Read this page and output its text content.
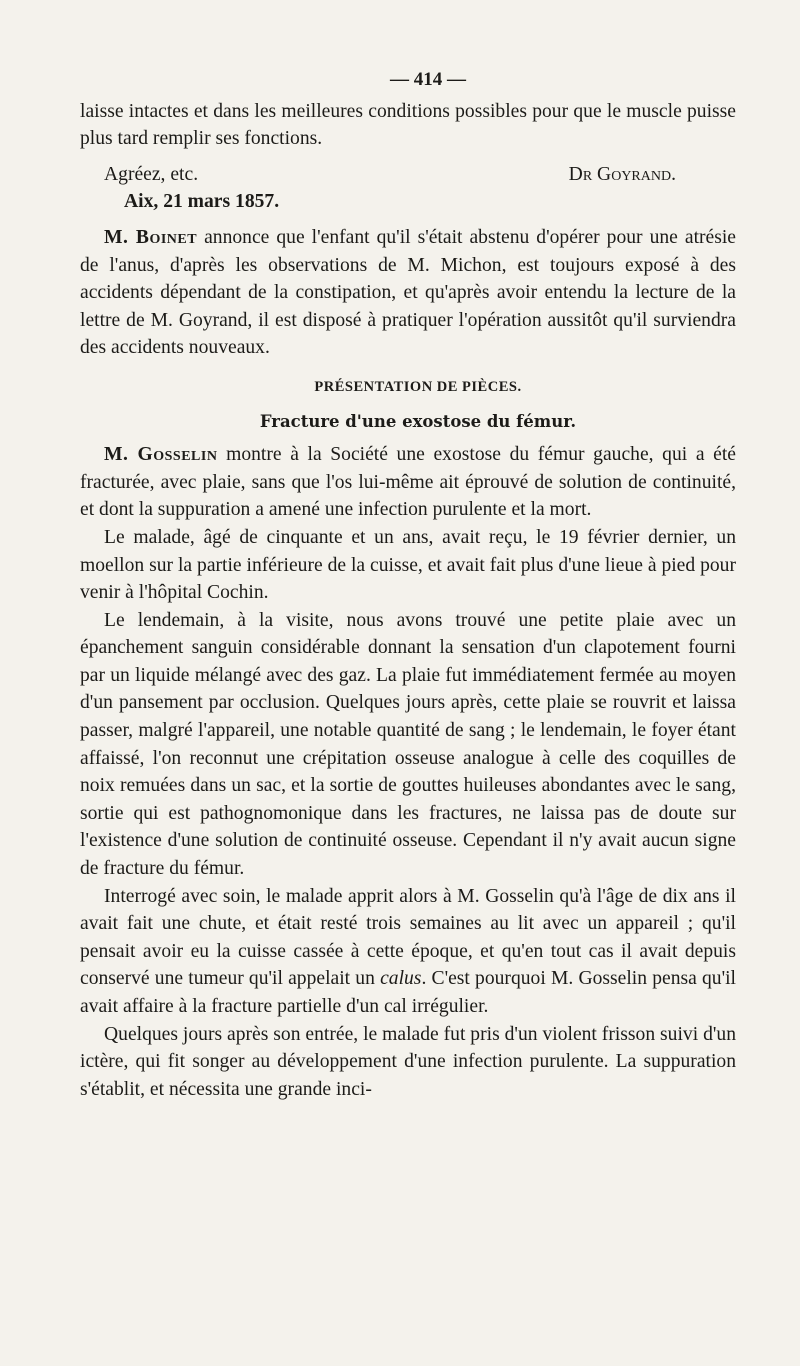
— 414 —

laisse intactes et dans les meilleures conditions possibles pour que le muscle puisse plus tard remplir ses fonctions.

Agréez, etc.	Dr Goyrand.
Aix, 21 mars 1857.

M. Boinet annonce que l'enfant qu'il s'était abstenu d'opérer pour une atrésie de l'anus, d'après les observations de M. Michon, est toujours exposé à des accidents dépendant de la constipation, et qu'après avoir entendu la lecture de la lettre de M. Goyrand, il est disposé à pratiquer l'opération aussitôt qu'il surviendra des accidents nouveaux.

PRÉSENTATION DE PIÈCES.
Fracture d'une exostose du fémur.

M. Gosselin montre à la Société une exostose du fémur gauche, qui a été fracturée, avec plaie, sans que l'os lui-même ait éprouvé de solution de continuité, et dont la suppuration a amené une infection purulente et la mort.

Le malade, âgé de cinquante et un ans, avait reçu, le 19 février dernier, un moellon sur la partie inférieure de la cuisse, et avait fait plus d'une lieue à pied pour venir à l'hôpital Cochin.

Le lendemain, à la visite, nous avons trouvé une petite plaie avec un épanchement sanguin considérable donnant la sensation d'un clapotement fourni par un liquide mélangé avec des gaz. La plaie fut immédiatement fermée au moyen d'un pansement par occlusion. Quelques jours après, cette plaie se rouvrit et laissa passer, malgré l'appareil, une notable quantité de sang ; le lendemain, le foyer étant affaissé, l'on reconnut une crépitation osseuse analogue à celle des coquilles de noix remuées dans un sac, et la sortie de gouttes huileuses abondantes avec le sang, sortie qui est pathognomonique dans les fractures, ne laissa pas de doute sur l'existence d'une solution de continuité osseuse. Cependant il n'y avait aucun signe de fracture du fémur.

Interrogé avec soin, le malade apprit alors à M. Gosselin qu'à l'âge de dix ans il avait fait une chute, et était resté trois semaines au lit avec un appareil ; qu'il pensait avoir eu la cuisse cassée à cette époque, et qu'en tout cas il avait depuis conservé une tumeur qu'il appelait un calus. C'est pourquoi M. Gosselin pensa qu'il avait affaire à la fracture partielle d'un cal irrégulier.

Quelques jours après son entrée, le malade fut pris d'un violent frisson suivi d'un ictère, qui fit songer au développement d'une infection purulente. La suppuration s'établit, et nécessita une grande inci-
